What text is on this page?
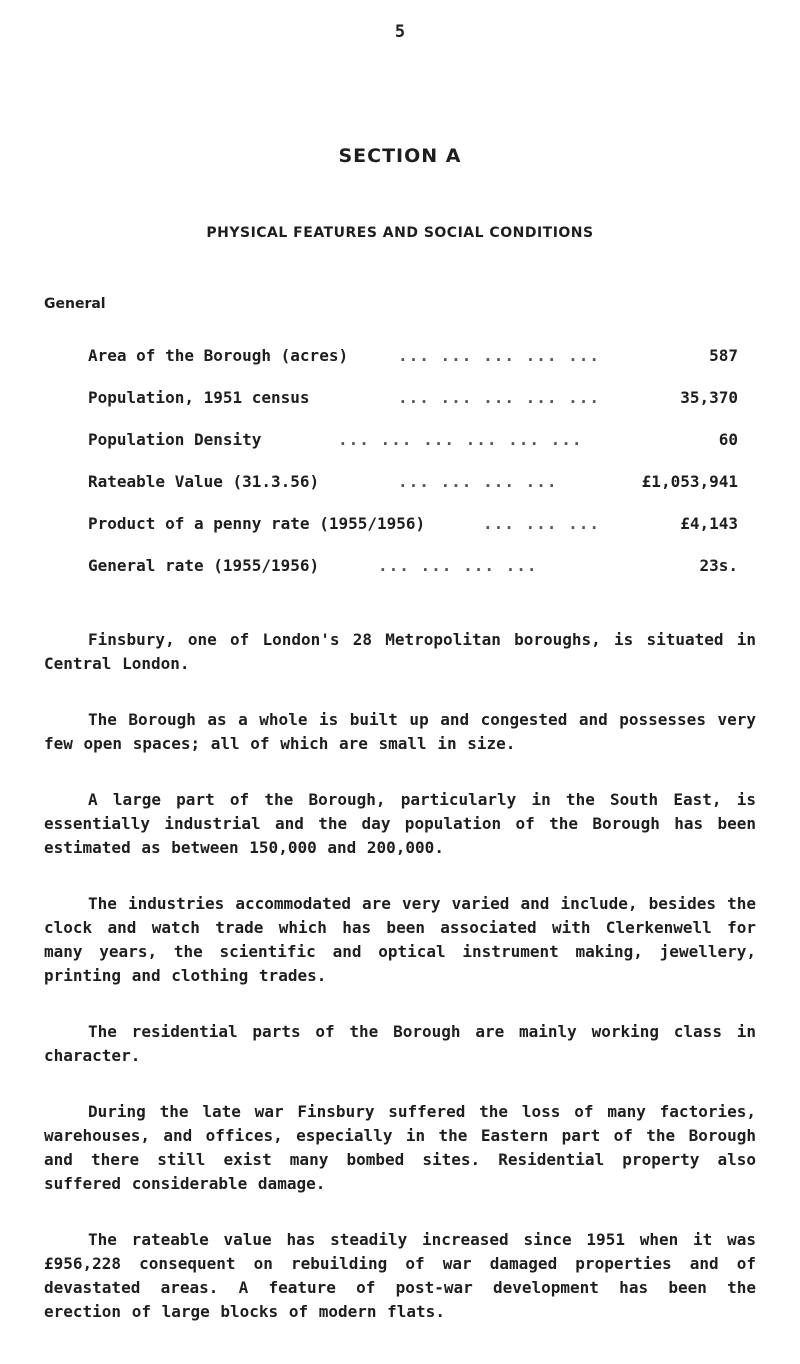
5
SECTION A
PHYSICAL FEATURES AND SOCIAL CONDITIONS
General
Area of the Borough (acres)	... ... ... ... ...	587
Population, 1951 census	... ... ... ... ...	35,370
Population Density	... ... ... ... ... ...	60
Rateable Value (31.3.56)	... ... ... ...	£1,053,941
Product of a penny rate (1955/1956)	... ... ...	£4,143
General rate (1955/1956)	... ... ... ...	23s.

Finsbury, one of London's 28 Metropolitan boroughs, is situated in Central London.

The Borough as a whole is built up and congested and possesses very few open spaces; all of which are small in size.

A large part of the Borough, particularly in the South East, is essentially industrial and the day population of the Borough has been estimated as between 150,000 and 200,000.

The industries accommodated are very varied and include, besides the clock and watch trade which has been associated with Clerkenwell for many years, the scientific and optical instrument making, jewellery, printing and clothing trades.

The residential parts of the Borough are mainly working class in character.

During the late war Finsbury suffered the loss of many factories, warehouses, and offices, especially in the Eastern part of the Borough and there still exist many bombed sites. Residential property also suffered considerable damage.

The rateable value has steadily increased since 1951 when it was £956,228 consequent on rebuilding of war damaged properties and of devastated areas. A feature of post-war development has been the erection of large blocks of modern flats.
